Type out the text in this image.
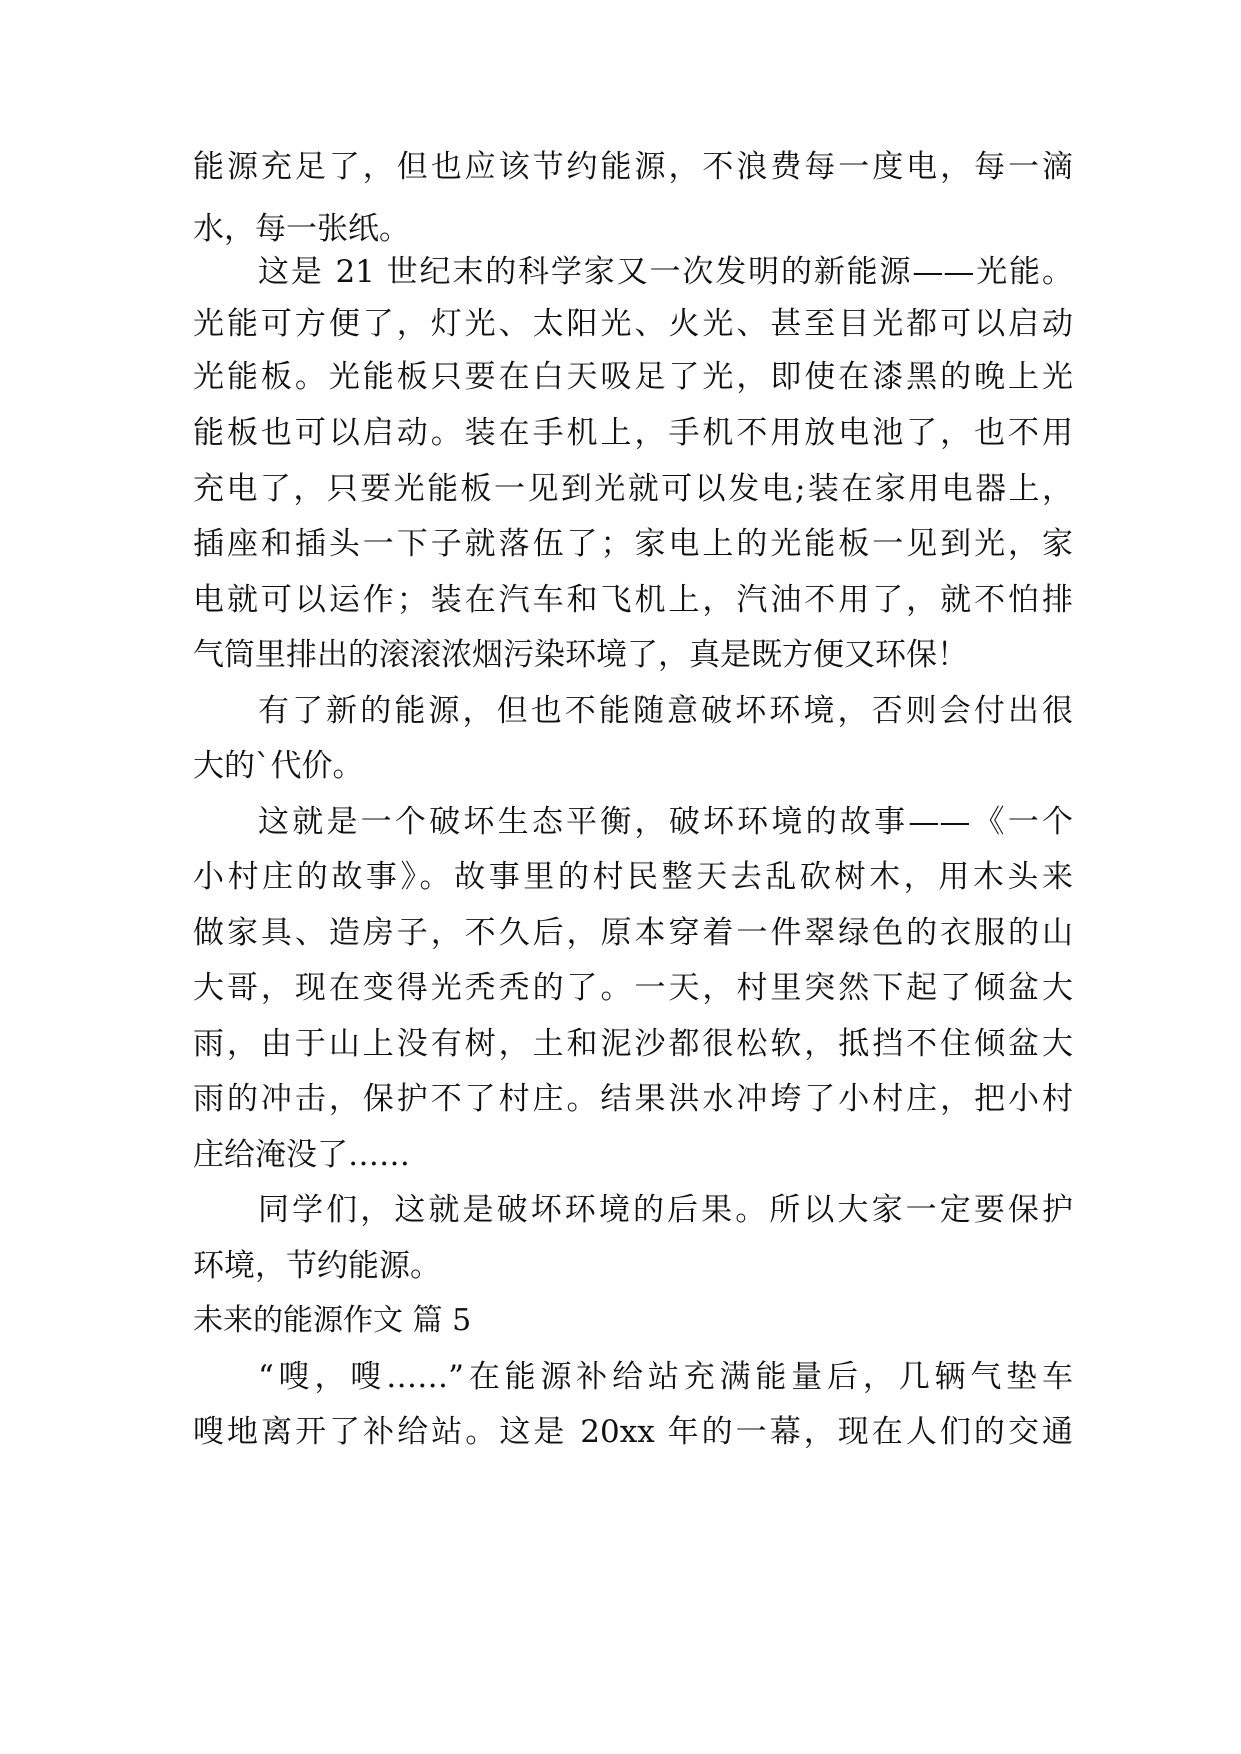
能源充足了，但也应该节约能源，不浪费每一度电，每一滴
水，每一张纸。
这是 21 世纪末的科学家又一次发明的新能源——光能。
光能可方便了，灯光、太阳光、火光、甚至目光都可以启动
光能板。光能板只要在白天吸足了光，即使在漆黑的晚上光
能板也可以启动。装在手机上，手机不用放电池了，也不用
充电了，只要光能板一见到光就可以发电;装在家用电器上，
插座和插头一下子就落伍了；家电上的光能板一见到光，家
电就可以运作；装在汽车和飞机上，汽油不用了，就不怕排
气筒里排出的滚滚浓烟污染环境了，真是既方便又环保！
有了新的能源，但也不能随意破坏环境，否则会付出很
大的`代价。
这就是一个破坏生态平衡，破坏环境的故事——《一个
小村庄的故事》。故事里的村民整天去乱砍树木，用木头来
做家具、造房子，不久后，原本穿着一件翠绿色的衣服的山
大哥，现在变得光秃秃的了。一天，村里突然下起了倾盆大
雨，由于山上没有树，土和泥沙都很松软，抵挡不住倾盆大
雨的冲击，保护不了村庄。结果洪水冲垮了小村庄，把小村
庄给淹没了……
同学们，这就是破坏环境的后果。所以大家一定要保护
环境，节约能源。
未来的能源作文 篇 5
“嗖，嗖……”在能源补给站充满能量后，几辆气垫车
嗖地离开了补给站。这是 20xx 年的一幕，现在人们的交通
